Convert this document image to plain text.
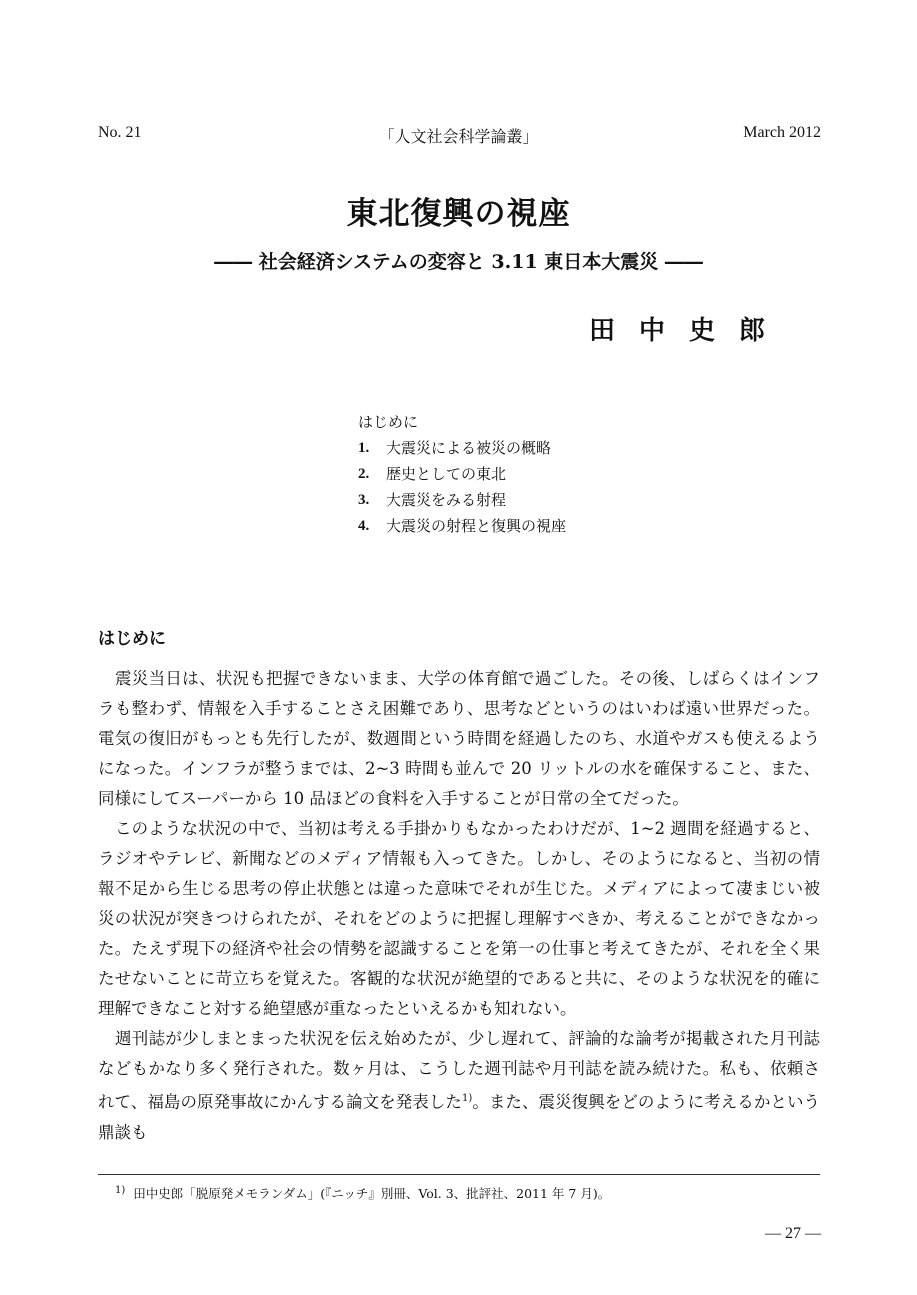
No. 21	「人文社会科学論叢」	March 2012
東北復興の視座
―― 社会経済システムの変容と 3.11 東日本大震災 ――
田中史郎
はじめに
1.	大震災による被災の概略
2.	歴史としての東北
3.	大震災をみる射程
4.	大震災の射程と復興の視座
はじめに

震災当日は、状況も把握できないまま、大学の体育館で過ごした。その後、しばらくはインフラも整わず、情報を入手することさえ困難であり、思考などというのはいわば遠い世界だった。電気の復旧がもっとも先行したが、数週間という時間を経過したのち、水道やガスも使えるようになった。インフラが整うまでは、2~3 時間も並んで 20 リットルの水を確保すること、また、同様にしてスーパーから 10 品ほどの食料を入手することが日常の全てだった。

このような状況の中で、当初は考える手掛かりもなかったわけだが、1~2 週間を経過すると、ラジオやテレビ、新聞などのメディア情報も入ってきた。しかし、そのようになると、当初の情報不足から生じる思考の停止状態とは違った意味でそれが生じた。メディアによって凄まじい被災の状況が突きつけられたが、それをどのように把握し理解すべきか、考えることができなかった。たえず現下の経済や社会の情勢を認識することを第一の仕事と考えてきたが、それを全く果たせないことに苛立ちを覚えた。客観的な状況が絶望的であると共に、そのような状況を的確に理解できなこと対する絶望感が重なったといえるかも知れない。

週刊誌が少しまとまった状況を伝え始めたが、少し遅れて、評論的な論考が掲載された月刊誌などもかなり多く発行された。数ヶ月は、こうした週刊誌や月刊誌を読み続けた。私も、依頼されて、福島の原発事故にかんする論文を発表した$^{1)}$。また、震災復興をどのように考えるかという鼎談も

$^{1)}$ 田中史郎「脱原発メモランダム」(『ニッチ』別冊、Vol. 3、批評社、2011 年 7 月)。
― 27 ―
